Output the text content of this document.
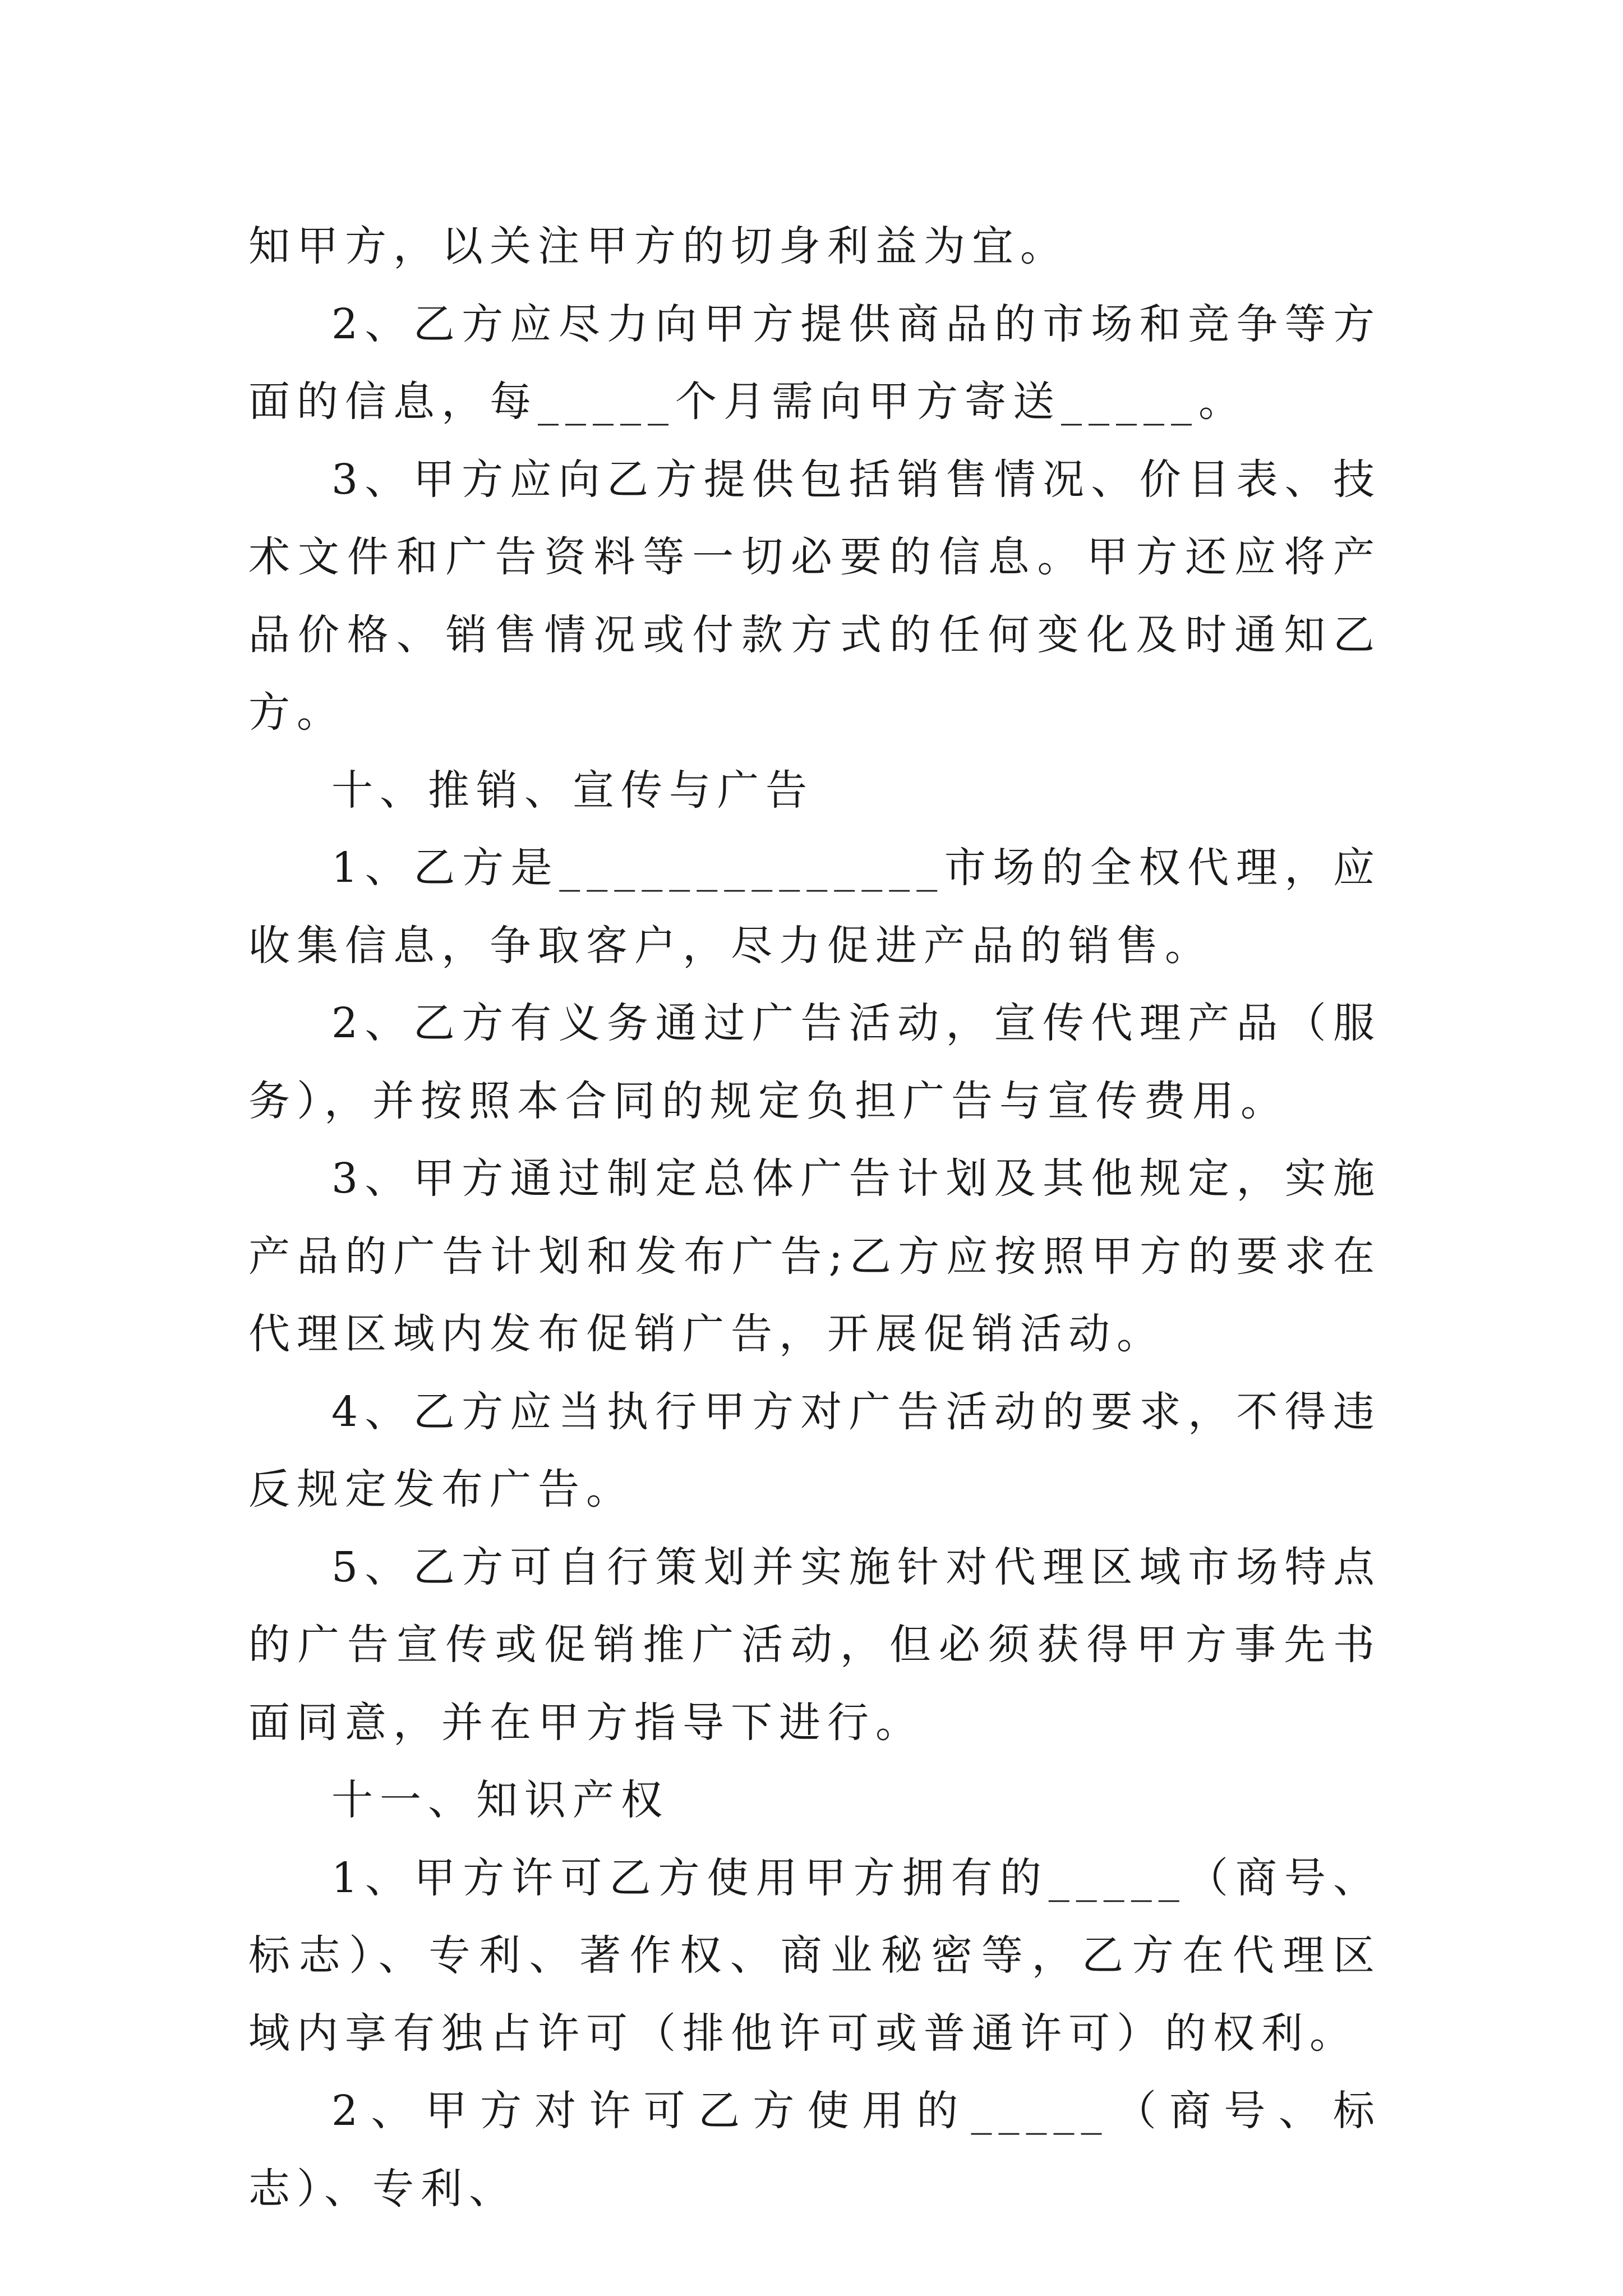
知甲方，以关注甲方的切身利益为宜。

2、乙方应尽力向甲方提供商品的市场和竞争等方面的信息，每_____个月需向甲方寄送_____。

3、甲方应向乙方提供包括销售情况、价目表、技术文件和广告资料等一切必要的信息。甲方还应将产品价格、销售情况或付款方式的任何变化及时通知乙方。

十、推销、宣传与广告

1、乙方是______________市场的全权代理，应收集信息，争取客户，尽力促进产品的销售。

2、乙方有义务通过广告活动，宣传代理产品（服务），并按照本合同的规定负担广告与宣传费用。

3、甲方通过制定总体广告计划及其他规定，实施产品的广告计划和发布广告;乙方应按照甲方的要求在代理区域内发布促销广告，开展促销活动。

4、乙方应当执行甲方对广告活动的要求，不得违反规定发布广告。

5、乙方可自行策划并实施针对代理区域市场特点的广告宣传或促销推广活动，但必须获得甲方事先书面同意，并在甲方指导下进行。

十一、知识产权

1、甲方许可乙方使用甲方拥有的_____（商号、标志）、专利、著作权、商业秘密等，乙方在代理区域内享有独占许可（排他许可或普通许可）的权利。

2、甲方对许可乙方使用的_____（商号、标志）、专利、
